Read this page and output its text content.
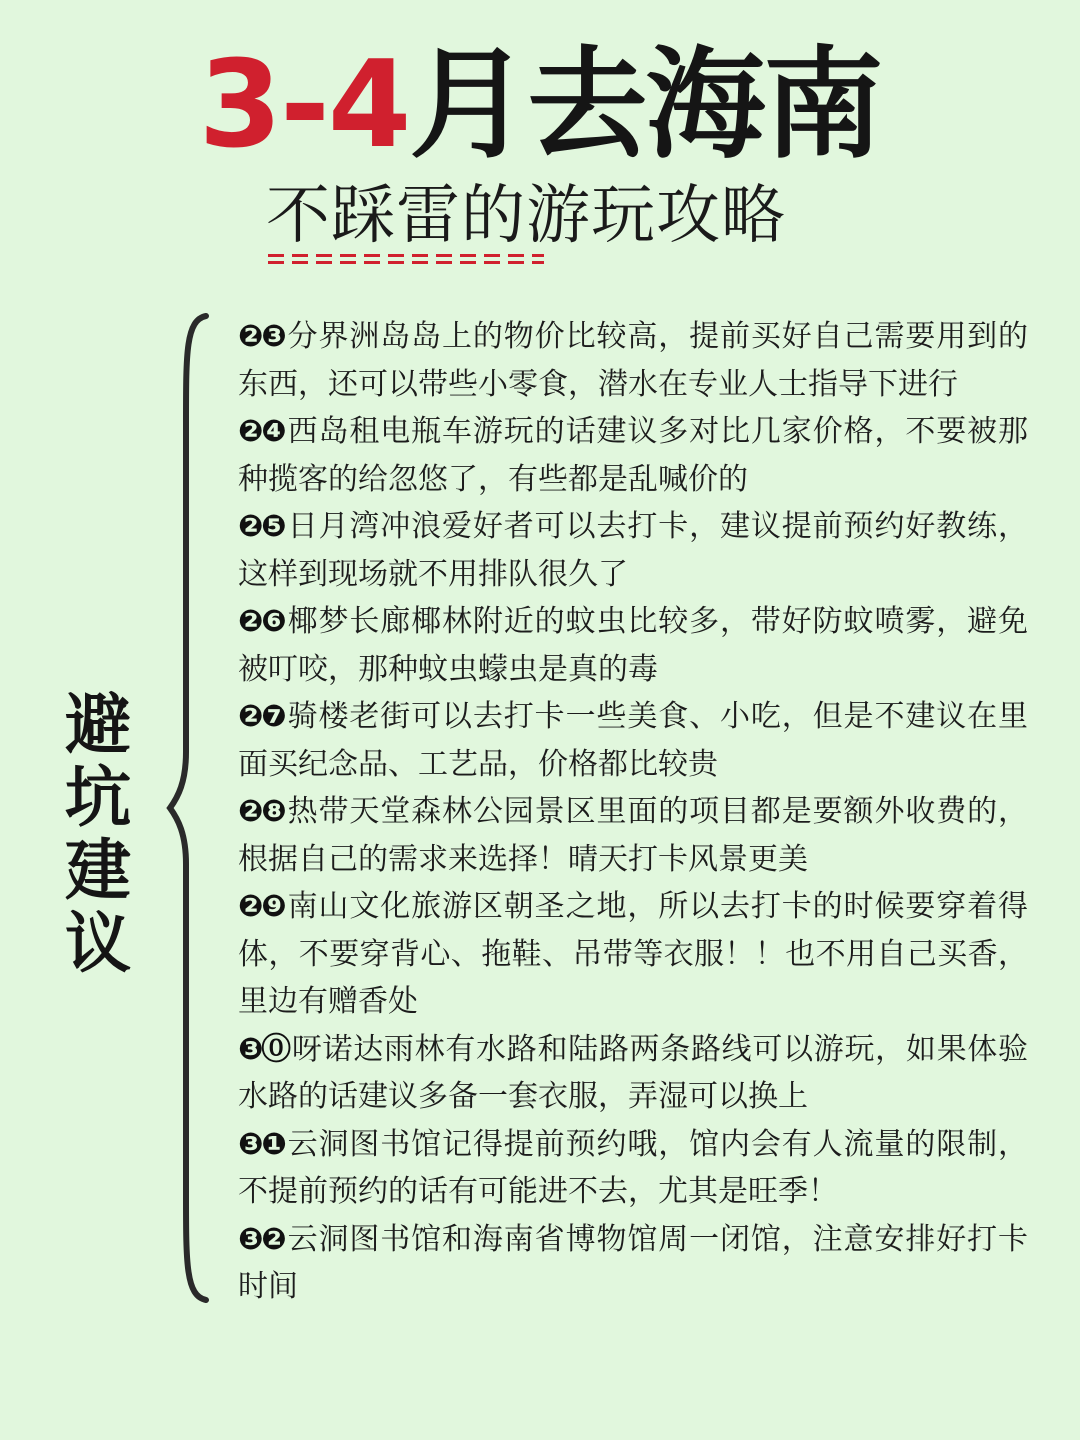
3-4月去海南
不踩雷的游玩攻略
避坑建议
❷❸ 分界洲岛岛上的物价比较高，提前买好自己需要用到的东西，还可以带些小零食，潜水在专业人士指导下进行
❷❹ 西岛租电瓶车游玩的话建议多对比几家价格，不要被那种揽客的给忽悠了，有些都是乱喊价的
❷❺ 日月湾冲浪爱好者可以去打卡，建议提前预约好教练，这样到现场就不用排队很久了
❷❻ 椰梦长廊椰林附近的蚊虫比较多，带好防蚊喷雾，避免被叮咬，那种蚊虫蠓虫是真的毒
❷❼ 骑楼老街可以去打卡一些美食、小吃，但是不建议在里面买纪念品、工艺品，价格都比较贵
❷❽ 热带天堂森林公园景区里面的项目都是要额外收费的，根据自己的需求来选择！晴天打卡风景更美
❷❾ 南山文化旅游区朝圣之地，所以去打卡的时候要穿着得体，不要穿背心、拖鞋、吊带等衣服！！也不用自己买香，里边有赠香处
❸⓪ 呀诺达雨林有水路和陆路两条路线可以游玩，如果体验水路的话建议多备一套衣服，弄湿可以换上
❸❶ 云洞图书馆记得提前预约哦，馆内会有人流量的限制，不提前预约的话有可能进不去，尤其是旺季！
❸❷ 云洞图书馆和海南省博物馆周一闭馆，注意安排好打卡时间
